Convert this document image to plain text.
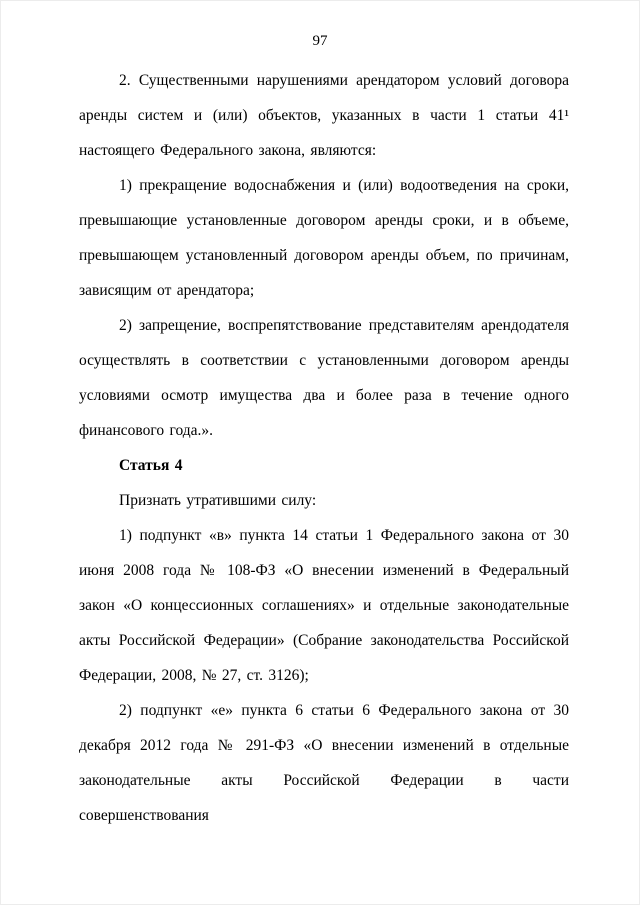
97

2. Существенными нарушениями арендатором условий договора аренды систем и (или) объектов, указанных в части 1 статьи 41¹ настоящего Федерального закона, являются:

1) прекращение водоснабжения и (или) водоотведения на сроки, превышающие установленные договором аренды сроки, и в объеме, превышающем установленный договором аренды объем, по причинам, зависящим от арендатора;

2) запрещение, воспрепятствование представителям арендодателя осуществлять в соответствии с установленными договором аренды условиями осмотр имущества два и более раза в течение одного финансового года.».

Статья 4

Признать утратившими силу:

1) подпункт «в» пункта 14 статьи 1 Федерального закона от 30 июня 2008 года № 108-ФЗ «О внесении изменений в Федеральный закон «О концессионных соглашениях» и отдельные законодательные акты Российской Федерации» (Собрание законодательства Российской Федерации, 2008, № 27, ст. 3126);

2) подпункт «е» пункта 6 статьи 6 Федерального закона от 30 декабря 2012 года № 291-ФЗ «О внесении изменений в отдельные законодательные акты Российской Федерации в части совершенствования
